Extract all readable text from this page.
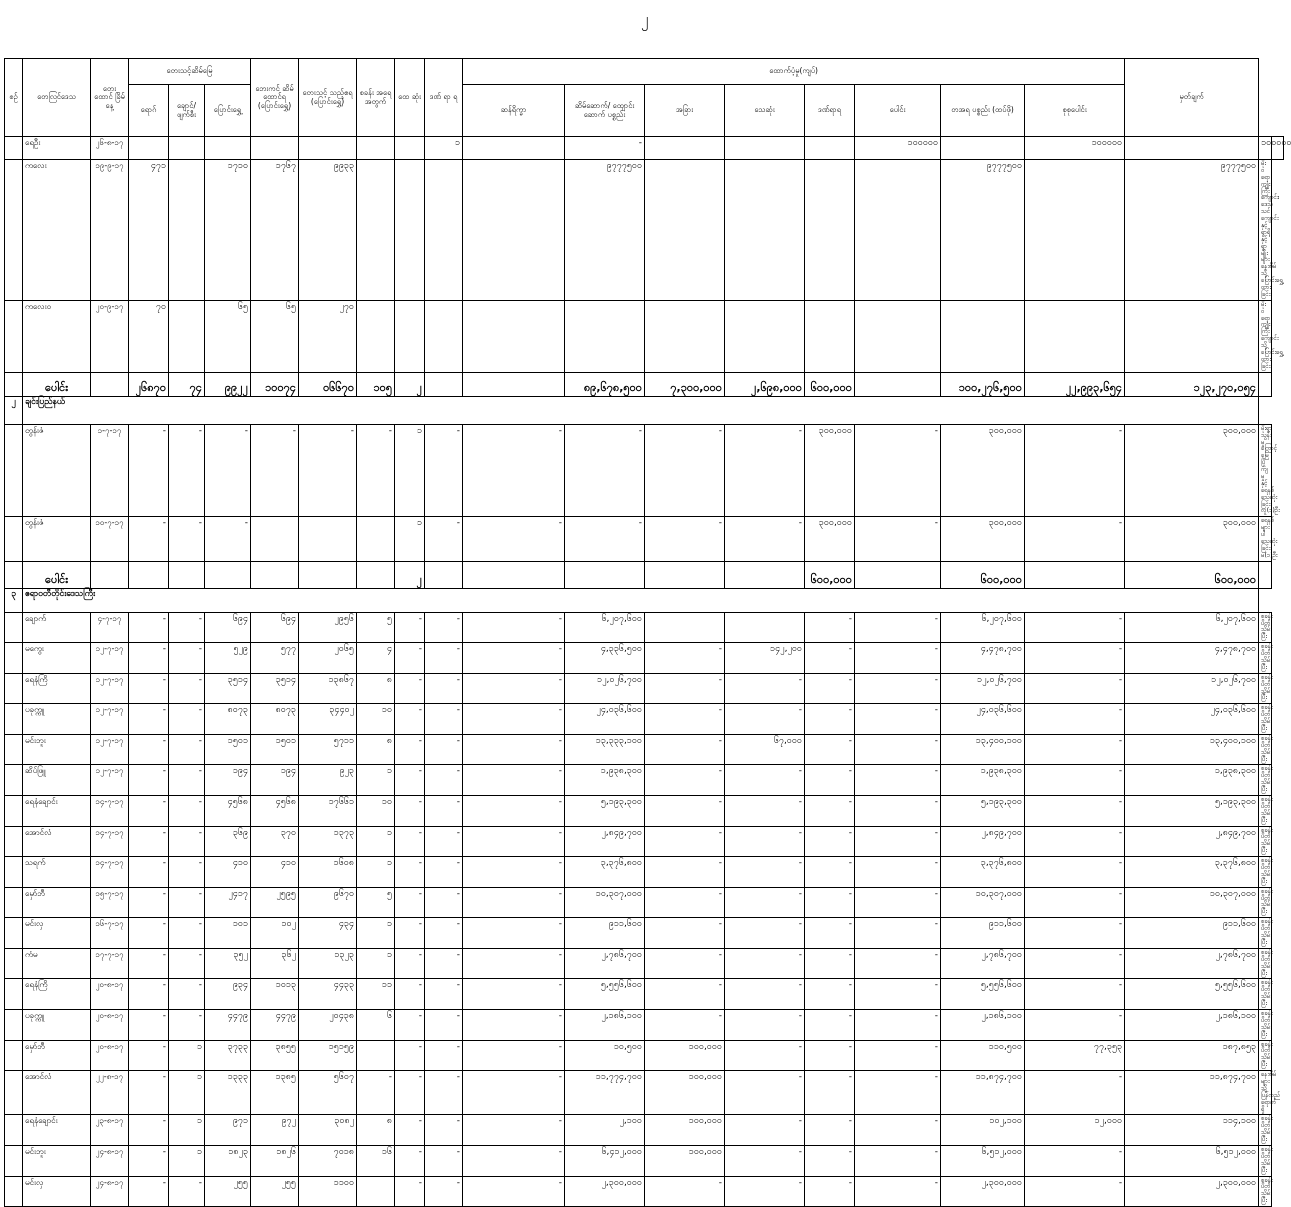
၂
စဥ်	တေလြင်ဒေသ	တေး ထောင် ခြိမ်နေ့	တေးသင့်ဆိမ်မြေ			ဘေးကင် ဆိမ် ထောင်ရ (ပြောင်းရွှေ့)	တေးသင့် သည့်ဧရ (ပြောင်းရွှေ့)	စခန်း အရေ အတွက်	ထေ ဆုံး	ဒဏ် ရာ ရ	ထောက်ပံ့မှု(ကျပ်)								မှတ်ချက်		
			ရောဂ်	ချောင်/ ဖျက်စီး	ပြောင်းရွှေ့						ဆန်ရိက္ခာ	ဆိမ်ဆောက်/ ထျောင်းဆောက် ပစ္စည်း	အခြား	သေဆုံး	ဒဏ်ရာရ	ပေါင်း	တအရ ပစ္စည်း (ထပ်ဖို)	စုစုပေါင်း			
	ရေဦး	၂၆-၈-၁၇								၁		-				၁၀၀၀၀၀		၁၀၀၀၀၀		၁၀၀၀၀၀	
	ကလေး	၁၉-၉-၁၇	၄၇၁		၁၇၁၀	၁၇၆၇	၉၉၃၃					၉၇၇၇၅၀၀					၉၇၇၇၅၀၀		၉၇၇၇၅၀၀	မိုးဝရောကျုံးကြီးကျောင်း၊ ဒေသသင် ကျောင်းနှင့် ရွာရိုးနှင့် ရွာမျိုးများ နေအိမ်သို့ပြောင်းရွှေ့ထားခြင်း	
	ကလေးဝ	၂၀-၉-၁၇	၇၀		၆၅	၆၅	၂၇၀													မိုးဝရောကျုံးကြီးကျောင်းသို့ ပြောင်းရွှေ့ထားခြင်း	
	ပေါင်း		၂၆၈၇၀	၇၄	၉၉၂၂	၁၀၀၇၄	၀၆၆၇၀	၁၀၅	၂			၈၉,၆၇၈,၅၀၀	၇,၃၀၀,၀၀၀	၂,၆၉၈,၀၀၀	၆၀၀,၀၀၀		၁၀၀,၂၇၆,၅၀၀	၂၂,၉၉၃,၆၅၄	၁၂၃,၂၇၀,၀၅၄		
၂	ချင်းပြည်နယ်																				
	တွန်းဇံ	၁-၇-၁၇	-	-	-	-	-	-	၁	-	-	-	-	-	၃၀၀,၀၀၀	-	၃၀၀,၀၀၀	-	၃၀၀,၀၀၀	မိုးရွာသွန်းမှုကြောင့် မြေပြိုကျမှုနှင့် ရေနစ် သေဆုံးခြင်း လူ(၁)ဦး	
	တွန်းဇံ	၁၀-၇-၁၇	-	-	-				၁	-	-	-	-	-	၃၀၀,၀၀၀	-	၃၀၀,၀၀၀	-	၃၀၀,၀၀၀	ရေနစ်များပါသေဆုံးခြင်း မ(၁)ဦး	
	ပေါင်း								၂						၆၀၀,၀၀၀		၆၀၀,၀၀၀		၆၀၀,၀၀၀		
၃	ဧရာဝတီတိုင်းဒေသကြီး																				
	ချောက်	၄-၇-၁၇	-	-	၆၉၄	၆၉၄	၂၉၅၆	၅	-	-	-	၆,၂၀၇,၆၀၀			-	-	၆,၂၀၇,၆၀၀	-	၆,၂၀၇,၆၀၀	စခန်းပိတ်သိမ်းပြီး	
	မကွေး	၁၂-၇-၁၇	-	-	၅၂၉	၅၇၇	၂၀၆၅	၄	-	-	-	၄,၃၃၆,၅၀၀	-	၁၄၂,၂၀၀	-	-	၄,၄၇၈,၇၀၀	-	၄,၄၇၈,၇၀၀	စခန်းပိတ်သိမ်းပြီး	
	ရေနံကြိ	၁၂-၇-၁၇	-	-	၃၅၁၄	၃၅၁၄	၁၃၈၆၇	၈	-	-	-	၁၂,၀၂၆,၇၀၀	-	-	-	-	၁၂,၀၂၆,၇၀၀	-	၁၂,၀၂၆,၇၀၀	စခန်းပိတ်သိမ်းပြီး	
	ပခုက္ကူ	၁၂-၇-၁၇	-	-	၈၀၇၃	၈၀၇၃	၃၄၄၀၂	၁၀	-	-	-	၂၄,၀၃၆,၆၀၀	-	-	-	-	၂၄,၀၃၆,၆၀၀	-	၂၄,၀၃၆,၆၀၀	စခန်းပိတ်သိမ်းပြီး	
	မင်းဘူး	၁၂-၇-၁၇	-	-	၁၅၀၁	၁၅၀၁	၅၇၁၁	၈	-	-	-	၁၃,၃၃၃,၁၀၀	-	၆၇,၀၀၀	-	-	၁၃,၄၀၀,၁၀၀	-	၁၃,၄၀၀,၁၀၀	စခန်းပိတ်သိမ်းပြီး	
	ဆိပ်ဖြူ	၁၂-၇-၁၇	-	-	၁၉၄	၁၉၄	၉၂၃	၁	-	-	-	၁,၉၃၈,၃၀၀	-	-	-	-	၁,၉၃၈,၃၀၀	-	၁,၉၃၈,၃၀၀	စခန်းပိတ်သိမ်းပြီး	
	ရေနံချောင်း	၁၄-၇-၁၇	-	-	၄၅၆၈	၄၅၆၈	၁၇၆၆၁	၁၀	-	-	-	၅,၁၉၃,၃၀၀	-	-	-	-	၅,၁၉၃,၃၀၀	-	၅,၁၉၃,၃၀၀	စခန်းပိတ်သိမ်းပြီး	
	အောင်လံ	၁၄-၇-၁၇	-	-	၃၆၉	၃၇၀	၁၃၇၃	၁	-	-	-	၂,၈၄၉,၇၀၀	-	-	-	-	၂,၈၄၉,၇၀၀	-	၂,၈၄၉,၇၀၀	စခန်းပိတ်သိမ်းပြီး	
	သရက်	၁၄-၇-၁၇	-	-	၄၁၀	၄၁၀	၁၆၀၈	၁	-	-	-	၃,၃၇၆,၈၀၀	-	-	-	-	၃,၃၇၆,၈၀၀	-	၃,၃၇၆,၈၀၀	စခန်းပိတ်သိမ်းပြီး	
	မှော်ဘီ	၁၅-၇-၁၇	-	-	၂၄၁၇	၂၅၉၅	၉၆၇၀	၅	-	-	-	၁၀,၃၀၇,၀၀၀	-	-	-	-	၁၀,၃၀၇,၀၀၀	-	၁၀,၃၀၇,၀၀၀	စခန်းပိတ်သိမ်းပြီး	
	မင်းလှ	၁၆-၇-၁၇	-	-	၁၀၁	၁၀၂	၄၃၄	၁	-	-	-	၉၁၁,၆၀၀	-	-	-	-	၉၁၁,၆၀၀	-	၉၁၁,၆၀၀	စခန်းပိတ်သိမ်းပြီး	
	ကံမ	၁၇-၇-၁၇	-	-	၃၅၂	၃၆၂	၁၃၂၃	၁	-	-	-	၂,၇၈၆,၇၀၀	-	-	-	-	၂,၇၈၆,၇၀၀	-	၂,၇၈၆,၇၀၀	စခန်းပိတ်သိမ်းပြီး	
	ရေနံကြိ	၂၀-၈-၁၇	-	-	၉၃၄	၁၀၁၃	၄၄၃၃	၁၁	-	-	-	၅,၅၅၆,၆၀၀	-	-	-	-	၅,၅၅၆,၆၀၀	-	၅,၅၅၆,၆၀၀	စခန်းပိတ်သိမ်းပြီး	
	ပခုက္ကူ	၂၀-၈-၁၇	-	-	၄၄၇၉	၄၄၇၉	၂၀၄၃၈	၆	-	-	-	၂,၁၈၆,၁၀၀	-	-	-	-	၂,၁၈၆,၁၀၀	-	၂,၁၈၆,၁၀၀	စခန်းပိတ်သိမ်းပြီး	
	မှော်ဘီ	၂၀-၈-၁၇	-	၁	၃၇၃၃	၃၈၅၅	၁၅၁၅၉		-	-	-	၁၀,၅၀၀	၁၀၀,၀၀၀	-	-	-	၁၁၀,၅၀၀	၇၇,၃၅၃	၁၈၇,၈၅၃	စခန်းပိတ်သိမ်းပြီး	
	အောင်လံ	၂၂-၈-၁၇	-	၁	၁၃၃၃	၁၃၈၅	၅၆၀၇	-	-	-	-	၁၁,၇၇၄,၇၀၀	၁၀၀,၀၀၀	-	-	-	၁၁,၈၇၄,၇၀၀	-	၁၁,၈၇၄,၇၀၀	နေအိမ်များသို့ပြန်လည်ရောက်ရှိ	
	ရေနံချောင်း	၂၃-၈-၁၇	-	၁	၉၇၁	၉၇၂	၃၀၈၂	၈	-	-	-	၂,၁၀၀	၁၀၀,၀၀၀	-	-	-	၁၀၂,၁၀၀	၁၂,၀၀၀	၁၁၄,၁၀၀	စခန်းပိတ်သိမ်းပြီး	
	မင်းဘူး	၂၄-၈-၁၇	-	၁	၁၈၂၃	၁၈၂၆	၇၀၁၈	၁၆	-	-	-	၆,၄၁၂,၀၀၀	၁၀၀,၀၀၀	-	-	-	၆,၅၁၂,၀၀၀	-	၆,၅၁၂,၀၀၀	စခန်းပိတ်သိမ်းပြီး	
	မင်းလှ	၂၄-၈-၁၇	-	-	၂၅၅	၂၅၅	၁၁၀၀		-	-	-	၂,၃၀၀,၀၀၀	-	-	-	-	၂,၃၀၀,၀၀၀	-	၂,၃၀၀,၀၀၀	စခန်းပိတ်သိမ်းပြီး	
